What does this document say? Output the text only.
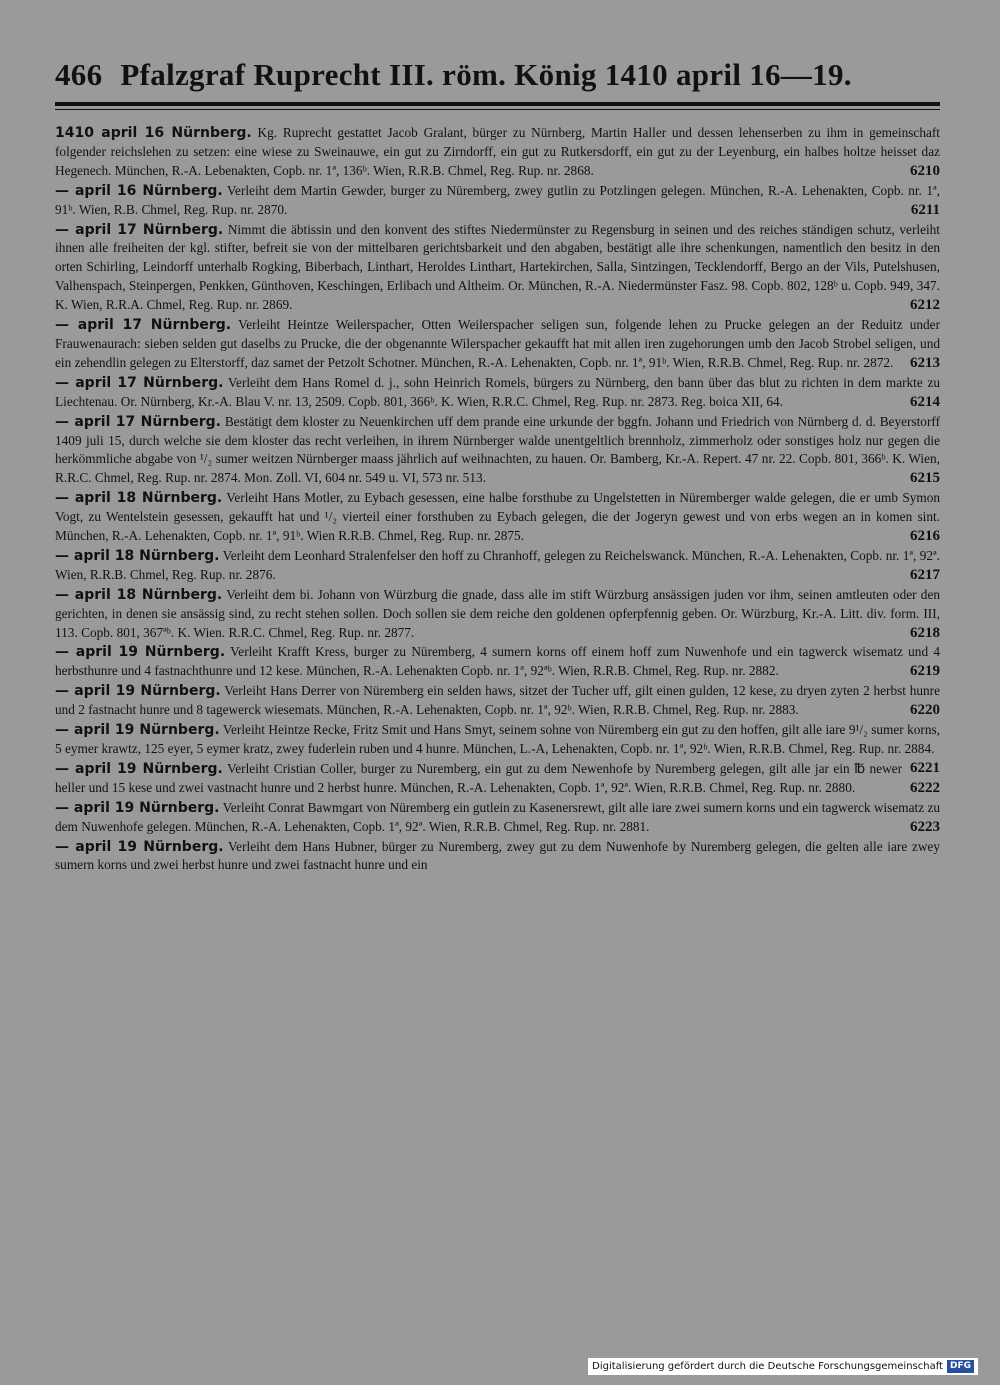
466 Pfalzgraf Ruprecht III. röm. König 1410 april 16—19.
1410 april 16 Nürnberg. Kg. Ruprecht gestattet Jacob Gralant, bürger zu Nürnberg, Martin Haller und dessen lehenserben zu ihm in gemeinschaft folgender reichslehen zu setzen: eine wiese zu Sweinauwe, ein gut zu Zirndorff, ein gut zu Rutkersdorff, ein gut zu der Leyenburg, ein halbes holtze heisset daz Hegenech. München, R.-A. Lebenakten, Copb. nr. 1ª, 136ᵇ. Wien, R.R.B. Chmel, Reg. Rup. nr. 2868.	6210
— april 16 Nürnberg. Verleiht dem Martin Gewder, burger zu Nüremberg, zwey gutlin zu Potzlingen gelegen. München, R.-A. Lehenakten, Copb. nr. 1ª, 91ᵇ. Wien, R.B. Chmel, Reg. Rup. nr. 2870.	6211
— april 17 Nürnberg. Nimmt die äbtissin und den konvent des stiftes Niedermünster zu Regensburg in seinen und des reiches ständigen schutz, verleiht ihnen alle freiheiten der kgl. stifter, befreit sie von der mittelbaren gerichtsbarkeit und den abgaben, bestätigt alle ihre schenkungen, namentlich den besitz in den orten Schirling, Leindorff unterhalb Rogking, Biberbach, Linthart, Heroldes Linthart, Hartekirchen, Salla, Sintzingen, Tecklendorff, Bergo an der Vils, Putelshusen, Valhenspach, Steinpergen, Penkken, Günthoven, Keschingen, Erlibach und Altheim. Or. München, R.-A. Niedermünster Fasz. 98. Copb. 802, 128ᵇ u. Copb. 949, 347. K. Wien, R.R.A. Chmel, Reg. Rup. nr. 2869.	6212
— april 17 Nürnberg. Verleiht Heintze Weilerspacher, Otten Weilerspacher seligen sun, folgende lehen zu Prucke gelegen an der Reduitz under Frauwenaurach: sieben selden gut daselbs zu Prucke, die der obgenannte Wilerspacher gekaufft hat mit allen iren zugehorungen umb den Jacob Strobel seligen, und ein zehendlin gelegen zu Elterstorff, daz samet der Petzolt Schotner. München, R.-A. Lehenakten, Copb. nr. 1ª, 91ᵇ. Wien, R.R.B. Chmel, Reg. Rup. nr. 2872. 6213
— april 17 Nürnberg. Verleiht dem Hans Romel d. j., sohn Heinrich Romels, bürgers zu Nürnberg, den bann über das blut zu richten in dem markte zu Liechtenau. Or. Nürnberg, Kr.-A. Blau V. nr. 13, 2509. Copb. 801, 366ᵇ. K. Wien, R.R.C. Chmel, Reg. Rup. nr. 2873. Reg. boica XII, 64.	6214
— april 17 Nürnberg. Bestätigt dem kloster zu Neuenkirchen uff dem prande eine urkunde der bggfn. Johann und Friedrich von Nürnberg d. d. Beyerstorff 1409 juli 15, durch welche sie dem kloster das recht verleihen, in ihrem Nürnberger walde unentgeltlich brennholz, zimmerholz oder sonstiges holz nur gegen die herkömmliche abgabe von ¹/₂ sumer weitzen Nürnberger maass jährlich auf weihnachten, zu hauen. Or. Bamberg, Kr.-A. Repert. 47 nr. 22. Copb. 801, 366ᵇ. K. Wien, R.R.C. Chmel, Reg. Rup. nr. 2874. Mon. Zoll. VI, 604 nr. 549 u. VI, 573 nr. 513.	6215
— april 18 Nürnberg. Verleiht Hans Motler, zu Eybach gesessen, eine halbe forsthube zu Ungelstetten in Nüremberger walde gelegen, die er umb Symon Vogt, zu Wentelstein gesessen, gekaufft hat und ¹/₂ vierteil einer forsthuben zu Eybach gelegen, die der Jogeryn gewest und von erbs wegen an in komen sint. München, R.-A. Lehenakten, Copb. nr. 1ª, 91ᵇ. Wien R.R.B. Chmel, Reg. Rup. nr. 2875.	6216
— april 18 Nürnberg. Verleiht dem Leonhard Stralenfelser den hoff zu Chranhoff, gelegen zu Reichelswanck. München, R.-A. Lehenakten, Copb. nr. 1ª, 92ª. Wien, R.R.B. Chmel, Reg. Rup. nr. 2876.	6217
— april 18 Nürnberg. Verleiht dem bi. Johann von Würzburg die gnade, dass alle im stift Würzburg ansässigen juden vor ihm, seinen amtleuten oder den gerichten, in denen sie ansässig sind, zu recht stehen sollen. Doch sollen sie dem reiche den goldenen opferpfennig geben. Or. Würzburg, Kr.-A. Litt. div. form. III, 113. Copb. 801, 367ªᵇ. K. Wien. R.R.C. Chmel, Reg. Rup. nr. 2877.	6218
— april 19 Nürnberg. Verleiht Krafft Kress, burger zu Nüremberg, 4 sumern korns off einem hoff zum Nuwenhofe und ein tagwerck wisematz und 4 herbsthunre und 4 fastnachthunre und 12 kese. München, R.-A. Lehenakten Copb. nr. 1ª, 92ªᵇ. Wien, R.R.B. Chmel, Reg. Rup. nr. 2882.	6219
— april 19 Nürnberg. Verleiht Hans Derrer von Nüremberg ein selden haws, sitzet der Tucher uff, gilt einen gulden, 12 kese, zu dryen zyten 2 herbst hunre und 2 fastnacht hunre und 8 tagewerck wiesemats. München, R.-A. Lehenakten, Copb. nr. 1ª, 92ᵇ. Wien, R.R.B. Chmel, Reg. Rup. nr. 2883.	6220
— april 19 Nürnberg. Verleiht Heintze Recke, Fritz Smit und Hans Smyt, seinem sohne von Nüremberg ein gut zu den hoffen, gilt alle iare 9¹/₂ sumer korns, 5 eymer krawtz, 125 eyer, 5 eymer kratz, zwey fuderlein ruben und 4 hunre. München, L.-A, Lehenakten, Copb. nr. 1ª, 92ᵇ. Wien, R.R.B. Chmel, Reg. Rup. nr. 2884.
6221
— april 19 Nürnberg. Verleiht Cristian Coller, burger zu Nuremberg, ein gut zu dem Newenhofe by Nuremberg gelegen, gilt alle jar ein ℔ newer heller und 15 kese und zwei vastnacht hunre und 2 herbst hunre. München, R.-A. Lehenakten, Copb. 1ª, 92ª. Wien, R.R.B. Chmel, Reg. Rup. nr. 2880.	6222
— april 19 Nürnberg. Verleiht Conrat Bawmgart von Nüremberg ein gutlein zu Kasenersrewt, gilt alle iare zwei sumern korns und ein tagwerck wisematz zu dem Nuwenhofe gelegen. München, R.-A. Lehenakten, Copb. 1ª, 92ª. Wien, R.R.B. Chmel, Reg. Rup. nr. 2881.	6223
— april 19 Nürnberg. Verleiht dem Hans Hubner, bürger zu Nuremberg, zwey gut zu dem Nuwenhofe by Nuremberg gelegen, die gelten alle iare zwey sumern korns und zwei herbst hunre und zwei fastnacht hunre und ein
Digitalisierung gefördert durch die Deutsche Forschungsgemeinschaft DFG
